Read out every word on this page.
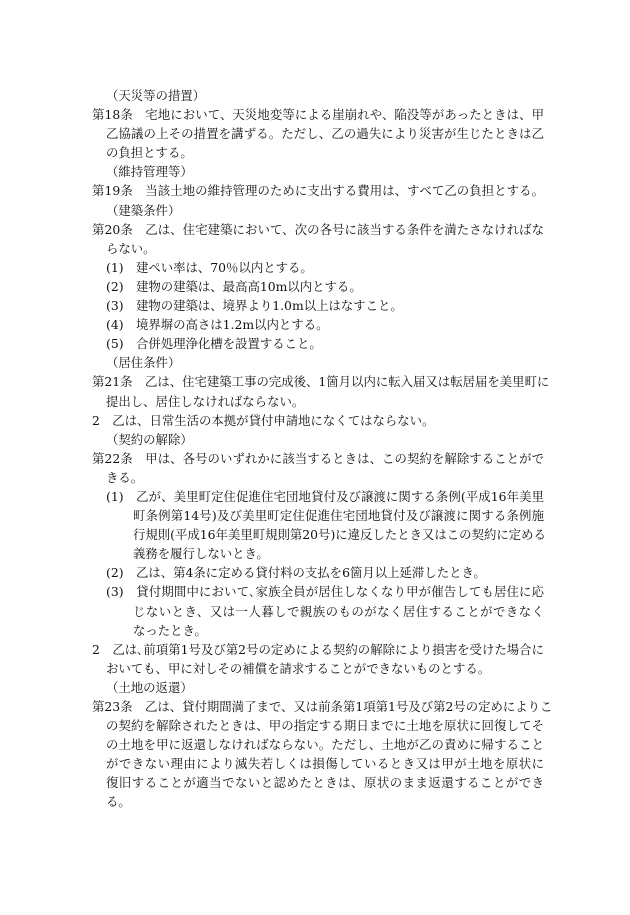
（天災等の措置）
第18条　宅地において、天災地変等による崖崩れや、陥没等があったときは、甲
乙協議の上その措置を講ずる。ただし、乙の過失により災害が生じたときは乙
の負担とする。
（維持管理等）
第19条　当該土地の維持管理のために支出する費用は、すべて乙の負担とする。
（建築条件）
第20条　乙は、住宅建築において、次の各号に該当する条件を満たさなければな
らない。
(1)　建ぺい率は、70％以内とする。
(2)　建物の建築は、最高高10m以内とする。
(3)　建物の建築は、境界より1.0m以上はなすこと。
(4)　境界塀の高さは1.2m以内とする。
(5)　合併処理浄化槽を設置すること。
（居住条件）
第21条　乙は、住宅建築工事の完成後、1箇月以内に転入届又は転居届を美里町に
提出し、居住しなければならない。
2　乙は、日常生活の本拠が貸付申請地になくてはならない。
（契約の解除）
第22条　甲は、各号のいずれかに該当するときは、この契約を解除することがで
きる。
(1)　乙が、美里町定住促進住宅団地貸付及び譲渡に関する条例(平成16年美里
町条例第14号)及び美里町定住促進住宅団地貸付及び譲渡に関する条例施
行規則(平成16年美里町規則第20号)に違反したとき又はこの契約に定める
義務を履行しないとき。
(2)　乙は、第4条に定める貸付料の支払を6箇月以上延滞したとき。
(3)　貸付期間中において､家族全員が居住しなくなり甲が催告しても居住に応
じないとき、又は一人暮しで親族のものがなく居住することができなく
なったとき。
2　乙は､前項第1号及び第2号の定めによる契約の解除により損害を受けた場合に
おいても、甲に対しその補償を請求することができないものとする。
（土地の返還）
第23条　乙は、貸付期間満了まで、又は前条第1項第1号及び第2号の定めによりこ
の契約を解除されたときは、甲の指定する期日までに土地を原状に回復してそ
の土地を甲に返還しなければならない。ただし、土地が乙の責めに帰すること
ができない理由により滅失若しくは損傷しているとき又は甲が土地を原状に
復旧することが適当でないと認めたときは、原状のまま返還することができ
る。
